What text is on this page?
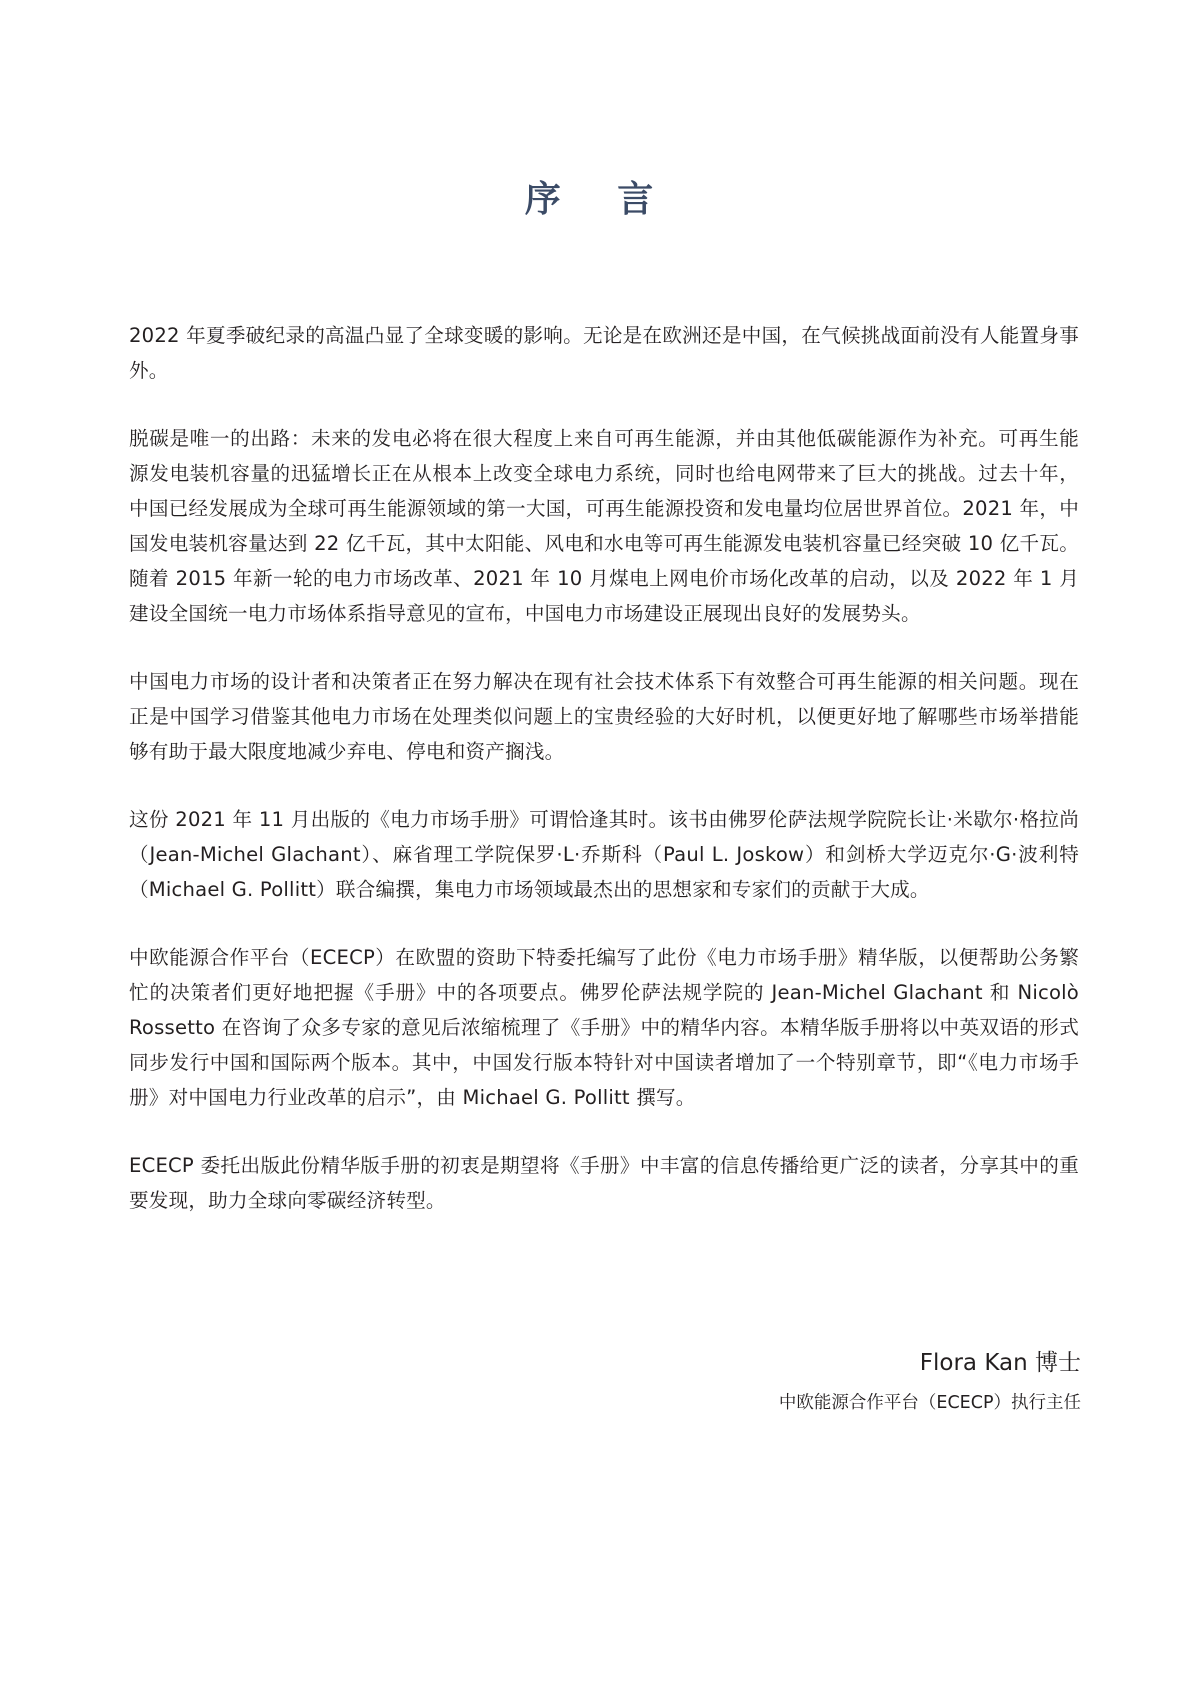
序 言

2022 年夏季破纪录的高温凸显了全球变暖的影响。无论是在欧洲还是中国，在气候挑战面前没有人能置身事外。

脱碳是唯一的出路：未来的发电必将在很大程度上来自可再生能源，并由其他低碳能源作为补充。可再生能源发电装机容量的迅猛增长正在从根本上改变全球电力系统，同时也给电网带来了巨大的挑战。过去十年，中国已经发展成为全球可再生能源领域的第一大国，可再生能源投资和发电量均位居世界首位。2021 年，中国发电装机容量达到 22 亿千瓦，其中太阳能、风电和水电等可再生能源发电装机容量已经突破 10 亿千瓦。随着 2015 年新一轮的电力市场改革、2021 年 10 月煤电上网电价市场化改革的启动，以及 2022 年 1 月建设全国统一电力市场体系指导意见的宣布，中国电力市场建设正展现出良好的发展势头。

中国电力市场的设计者和决策者正在努力解决在现有社会技术体系下有效整合可再生能源的相关问题。现在正是中国学习借鉴其他电力市场在处理类似问题上的宝贵经验的大好时机，以便更好地了解哪些市场举措能够有助于最大限度地减少弃电、停电和资产搁浅。

这份 2021 年 11 月出版的《电力市场手册》可谓恰逢其时。该书由佛罗伦萨法规学院院长让·米歇尔·格拉尚（Jean-Michel Glachant）、麻省理工学院保罗·L·乔斯科（Paul L. Joskow）和剑桥大学迈克尔·G·波利特（Michael G. Pollitt）联合编撰，集电力市场领域最杰出的思想家和专家们的贡献于大成。

中欧能源合作平台（ECECP）在欧盟的资助下特委托编写了此份《电力市场手册》精华版，以便帮助公务繁忙的决策者们更好地把握《手册》中的各项要点。佛罗伦萨法规学院的 Jean-Michel Glachant 和 Nicolò Rossetto 在咨询了众多专家的意见后浓缩梳理了《手册》中的精华内容。本精华版手册将以中英双语的形式同步发行中国和国际两个版本。其中，中国发行版本特针对中国读者增加了一个特别章节，即“《电力市场手册》对中国电力行业改革的启示”，由 Michael G. Pollitt 撰写。

ECECP 委托出版此份精华版手册的初衷是期望将《手册》中丰富的信息传播给更广泛的读者，分享其中的重要发现，助力全球向零碳经济转型。

Flora Kan 博士

中欧能源合作平台（ECECP）执行主任
